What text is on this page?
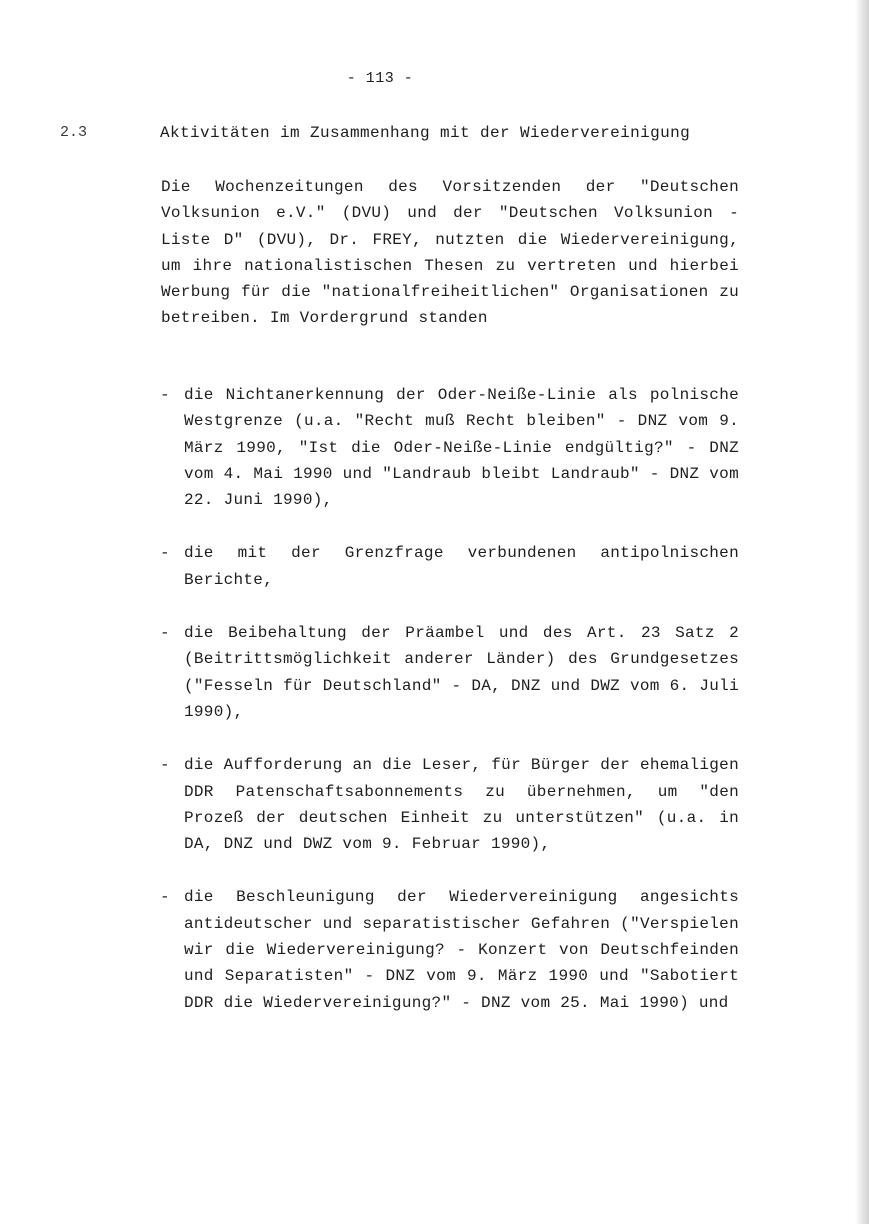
- 113 -
2.3	Aktivitäten im Zusammenhang mit der Wiedervereinigung
Die Wochenzeitungen des Vorsitzenden der "Deutschen Volksunion e.V." (DVU) und der "Deutschen Volksunion - Liste D" (DVU), Dr. FREY, nutzten die Wiedervereinigung, um ihre nationalistischen Thesen zu vertreten und hierbei Werbung für die "nationalfreiheitlichen" Organisationen zu betreiben. Im Vordergrund standen
- die Nichtanerkennung der Oder-Neiße-Linie als polnische Westgrenze (u.a. "Recht muß Recht bleiben" - DNZ vom 9. März 1990, "Ist die Oder-Neiße-Linie endgültig?" - DNZ vom 4. Mai 1990 und "Landraub bleibt Landraub" - DNZ vom 22. Juni 1990),
- die mit der Grenzfrage verbundenen antipolnischen Berichte,
- die Beibehaltung der Präambel und des Art. 23 Satz 2 (Beitrittsmöglichkeit anderer Länder) des Grundgesetzes ("Fesseln für Deutschland" - DA, DNZ und DWZ vom 6. Juli 1990),
- die Aufforderung an die Leser, für Bürger der ehemaligen DDR Patenschaftsabonnements zu übernehmen, um "den Prozeß der deutschen Einheit zu unterstützen" (u.a. in DA, DNZ und DWZ vom 9. Februar 1990),
- die Beschleunigung der Wiedervereinigung angesichts antideutscher und separatistischer Gefahren ("Verspielen wir die Wiedervereinigung? - Konzert von Deutschfeinden und Separatisten" - DNZ vom 9. März 1990 und "Sabotiert DDR die Wiedervereinigung?" - DNZ vom 25. Mai 1990) und
